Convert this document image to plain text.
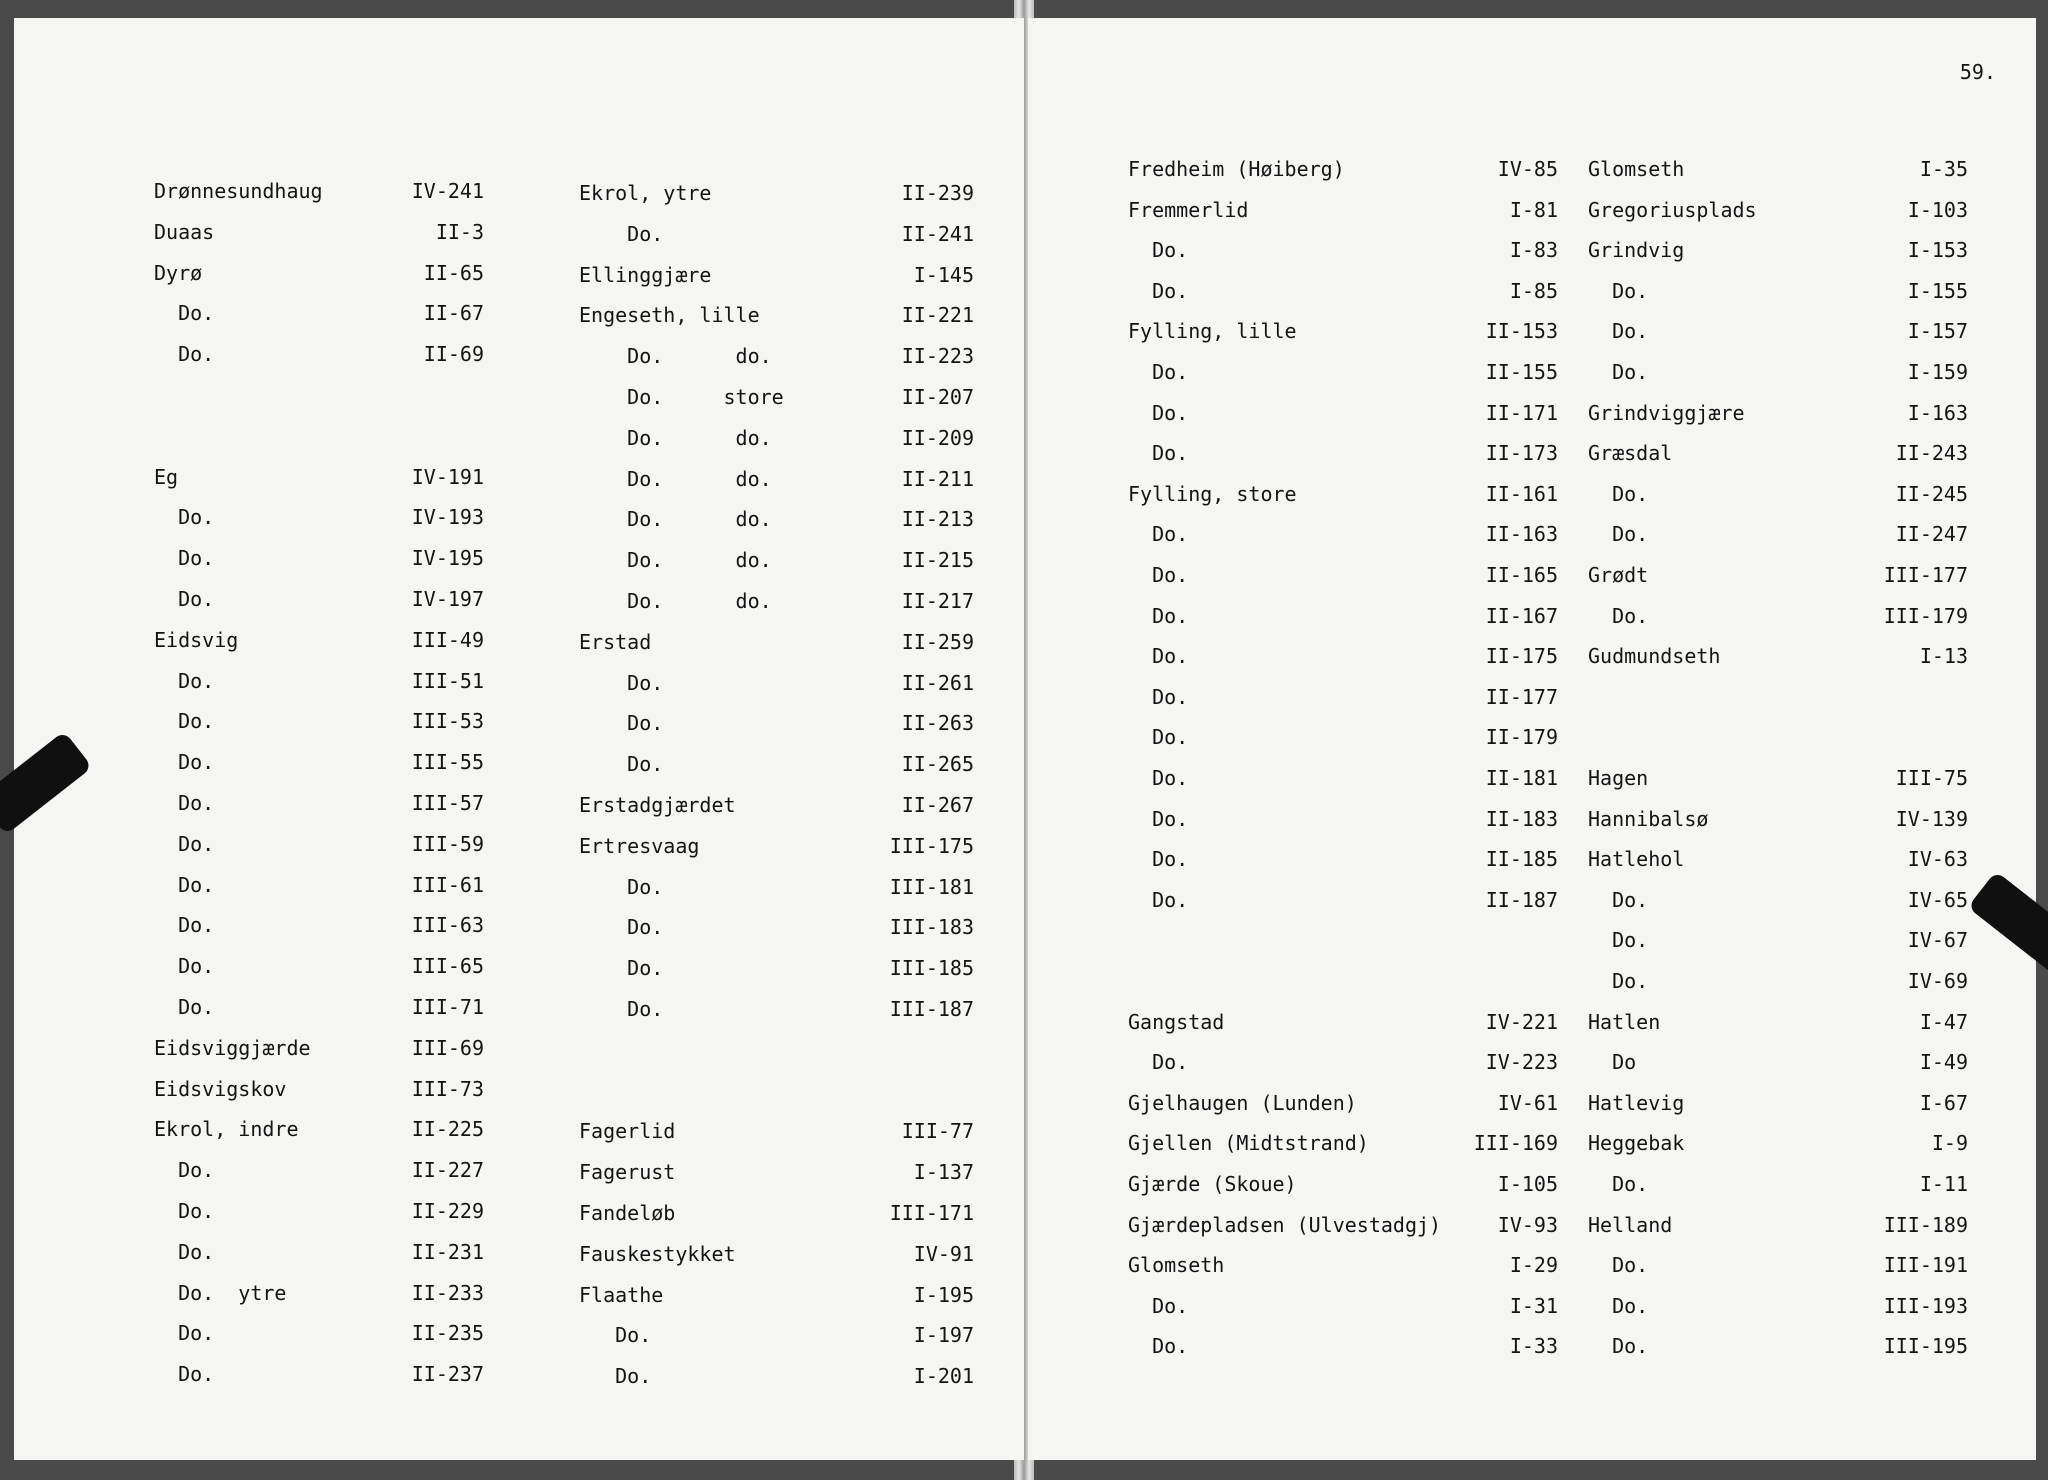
Drønnesundhaug	IV-241
Duaas	II-3
Dyrø	II-65
Do.	II-67
Do.	II-69
Eg	IV-191
Do.	IV-193
Do.	IV-195
Do.	IV-197
Eidsvig	III-49
Do.	III-51
Do.	III-53
Do.	III-55
Do.	III-57
Do.	III-59
Do.	III-61
Do.	III-63
Do.	III-65
Do.	III-71
Eidsviggjærde	III-69
Eidsvigskov	III-73
Ekrol, indre	II-225
Do.	II-227
Do.	II-229
Do.	II-231
Do.  ytre	II-233
Do.	II-235
Do.	II-237
Ekrol, ytre	II-239
Do.	II-241
Ellinggjære	I-145
Engeseth, lille	II-221
Do.      do.	II-223
Do.     store	II-207
Do.      do.	II-209
Do.      do.	II-211
Do.      do.	II-213
Do.      do.	II-215
Do.      do.	II-217
Erstad	II-259
Do.	II-261
Do.	II-263
Do.	II-265
Erstadgjærdet	II-267
Ertresvaag	III-175
Do.	III-181
Do.	III-183
Do.	III-185
Do.	III-187
Fagerlid	III-77
Fagerust	I-137
Fandeløb	III-171
Fauskestykket	IV-91
Flaathe	I-195
Do.	I-197
Do.	I-201
59.
Fredheim (Høiberg)	IV-85
Fremmerlid	I-81
Do.	I-83
Do.	I-85
Fylling, lille	II-153
Do.	II-155
Do.	II-171
Do.	II-173
Fylling, store	II-161
Do.	II-163
Do.	II-165
Do.	II-167
Do.	II-175
Do.	II-177
Do.	II-179
Do.	II-181
Do.	II-183
Do.	II-185
Do.	II-187
Gangstad	IV-221
Do.	IV-223
Gjelhaugen (Lunden)	IV-61
Gjellen (Midtstrand)	III-169
Gjærde (Skoue)	I-105
Gjærdepladsen (Ulvestadgj)	IV-93
Glomseth	I-29
Do.	I-31
Do.	I-33
Glomseth	I-35
Gregoriusplads	I-103
Grindvig	I-153
Do.	I-155
Do.	I-157
Do.	I-159
Grindviggjære	I-163
Græsdal	II-243
Do.	II-245
Do.	II-247
Grødt	III-177
Do.	III-179
Gudmundseth	I-13
Hagen	III-75
Hannibalsø	IV-139
Hatlehol	IV-63
Do.	IV-65
Do.	IV-67
Do.	IV-69
Hatlen	I-47
Do	I-49
Hatlevig	I-67
Heggebak	I-9
Do.	I-11
Helland	III-189
Do.	III-191
Do.	III-193
Do.	III-195
